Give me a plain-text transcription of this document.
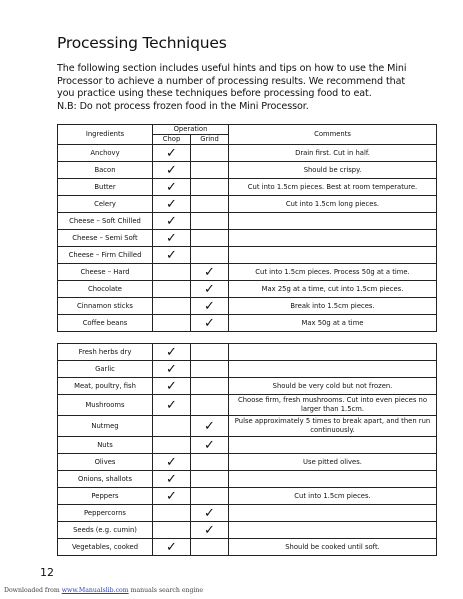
Processing Techniques

The following section includes useful hints and tips on how to use the Mini Processor to achieve a number of processing results. We recommend that you practice using these techniques before processing food to eat.

N.B: Do not process frozen food in the Mini Processor.

Ingredients	Operation		Comments
	Chop	Grind	
Anchovy	✓		Drain first. Cut in half.
Bacon	✓		Should be crispy.
Butter	✓		Cut into 1.5cm pieces. Best at room temperature.
Celery	✓		Cut into 1.5cm long pieces.
Cheese – Soft Chilled	✓		
Cheese – Semi Soft	✓		
Cheese – Firm Chilled	✓		
Cheese – Hard		✓	Cut into 1.5cm pieces. Process 50g at a time.
Chocolate		✓	Max 25g at a time, cut into 1.5cm pieces.
Cinnamon sticks		✓	Break into 1.5cm pieces.
Coffee beans		✓	Max 50g at a time
Fresh herbs dry	✓		
Garlic	✓		
Meat, poultry, fish	✓		Should be very cold but not frozen.
Mushrooms	✓		Choose firm, fresh mushrooms. Cut into even pieces no larger than 1.5cm.
Nutmeg		✓	Pulse approximately 5 times to break apart, and then run continuously.
Nuts		✓	
Olives	✓		Use pitted olives.
Onions, shallots	✓		
Peppers	✓		Cut into 1.5cm pieces.
Peppercorns		✓	
Seeds (e.g. cumin)		✓	
Vegetables, cooked	✓		Should be cooked until soft.
12
Downloaded from www.Manualslib.com manuals search engine
